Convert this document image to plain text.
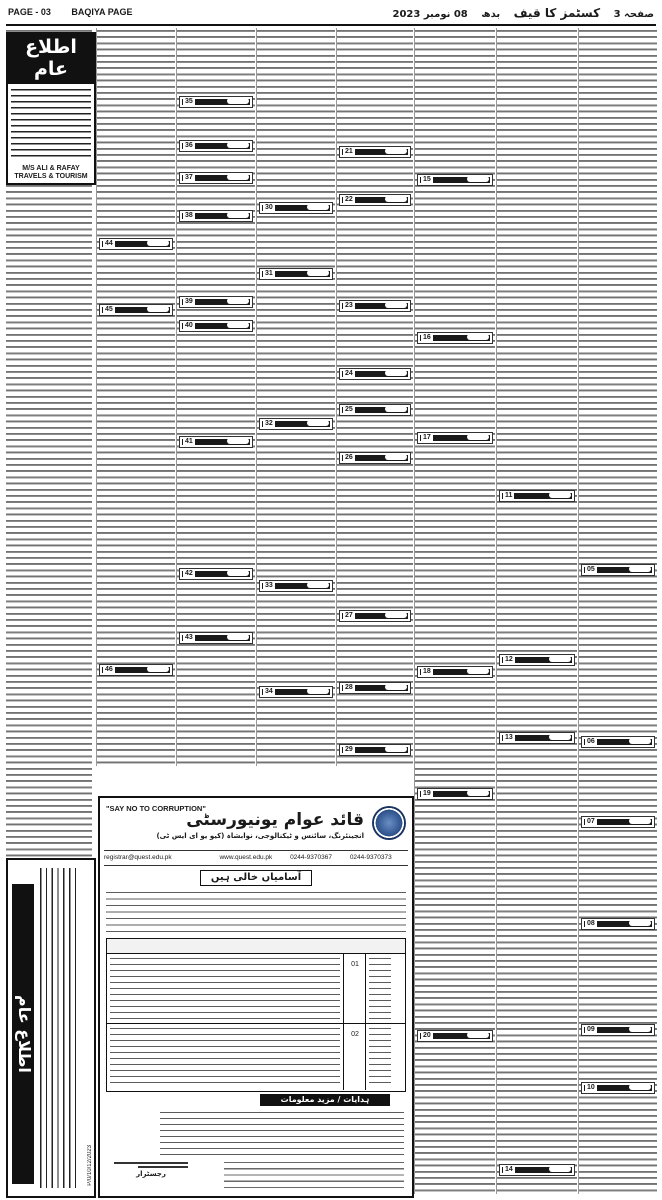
PAGE - 03 BAQIYA PAGE	صفحہ 3 کسٹمز کا قیف بدھ 08 نومبر 2023
اطلاع عام
M/S ALI & RAFAY
TRAVELS & TOURISM
اطلاع عام
P/0/10/12/2023
44
45
46
35
36
37
38
39
40
41
42
43
30
31
32
33
34
21
22
23
24
25
26
27
28
29
15
16
17
18
19
20
11
12
13
14
05
06
07
08
09
10
"SAY NO TO CORRUPTION"
قائد عوام یونیورسٹی
انجینئرنگ، سائنس و ٹیکنالوجی، نوابشاہ (کیو یو ای ایس ٹی)
registrar@quest.edu.pk	www.quest.edu.pk	0244-9370367	0244-9370373
آسامیاں خالی ہیں
01
02
ہدایات / مزید معلومات
رجسٹرار
